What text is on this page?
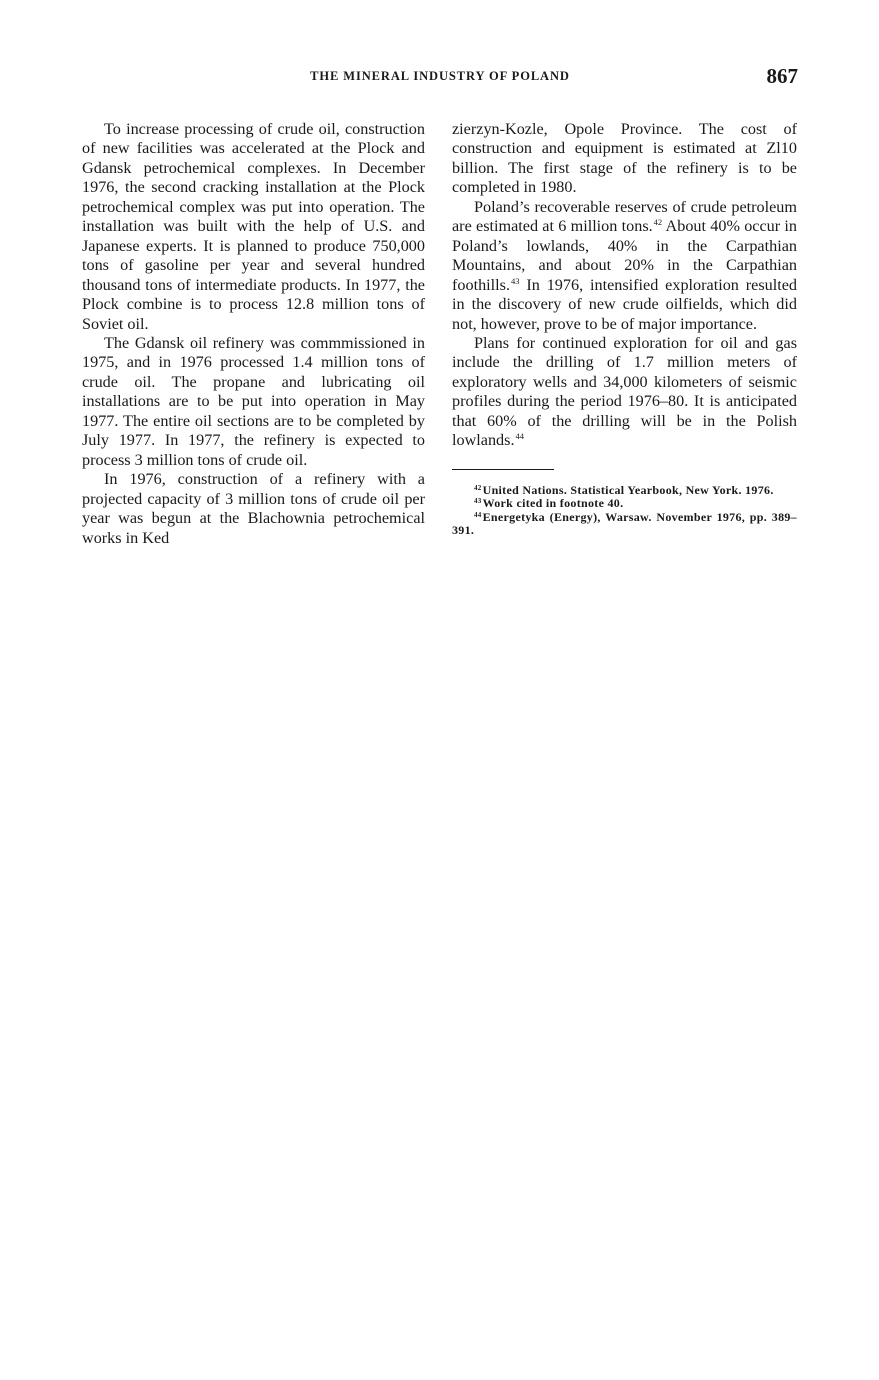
THE MINERAL INDUSTRY OF POLAND	867

To increase processing of crude oil, construction of new facilities was accelerated at the Plock and Gdansk petrochemical complexes. In December 1976, the second cracking installation at the Plock petrochemical complex was put into operation. The installation was built with the help of U.S. and Japanese experts. It is planned to produce 750,000 tons of gasoline per year and several hundred thousand tons of intermediate products. In 1977, the Plock combine is to process 12.8 million tons of Soviet oil.

The Gdansk oil refinery was commmissioned in 1975, and in 1976 processed 1.4 million tons of crude oil. The propane and lubricating oil installations are to be put into operation in May 1977. The entire oil sections are to be completed by July 1977. In 1977, the refinery is expected to process 3 million tons of crude oil.

In 1976, construction of a refinery with a projected capacity of 3 million tons of crude oil per year was begun at the Blachownia petrochemical works in Ked

zierzyn-Kozle, Opole Province. The cost of construction and equipment is estimated at Zl10 billion. The first stage of the refinery is to be completed in 1980.

Poland’s recoverable reserves of crude petroleum are estimated at 6 million tons.$^{42}$ About 40% occur in Poland’s lowlands, 40% in the Carpathian Mountains, and about 20% in the Carpathian foothills.$^{43}$ In 1976, intensified exploration resulted in the discovery of new crude oilfields, which did not, however, prove to be of major importance.

Plans for continued exploration for oil and gas include the drilling of 1.7 million meters of exploratory wells and 34,000 kilometers of seismic profiles during the period 1976–80. It is anticipated that 60% of the drilling will be in the Polish lowlands.$^{44}$

$^{42}$United Nations. Statistical Yearbook, New York. 1976.

$^{43}$Work cited in footnote 40.

$^{44}$Energetyka (Energy), Warsaw. November 1976, pp. 389–391.
